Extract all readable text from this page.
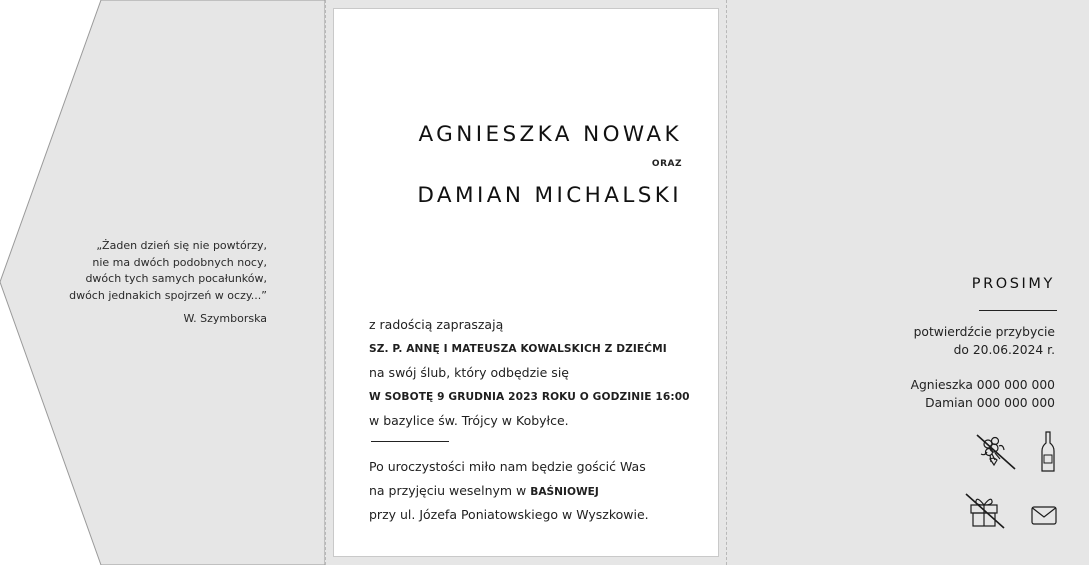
„Żaden dzień się nie powtórzy,
nie ma dwóch podobnych nocy,
dwóch tych samych pocałunków,
dwóch jednakich spojrzeń w oczy...”
W. Szymborska
AGNIESZKA NOWAK
ORAZ
DAMIAN MICHALSKI

z radością zapraszają

SZ. P. ANNĘ I MATEUSZA KOWALSKICH Z DZIEĆMI

na swój ślub, który odbędzie się

W SOBOTĘ 9 GRUDNIA 2023 ROKU O GODZINIE 16:00

w bazylice św. Trójcy w Kobyłce.

Po uroczystości miło nam będzie gościć Was

na przyjęciu weselnym w BAŚNIOWEJ

przy ul. Józefa Poniatowskiego w Wyszkowie.

PROSIMY
potwierdźcie przybycie
do 20.06.2024 r.
Agnieszka 000 000 000
Damian 000 000 000
